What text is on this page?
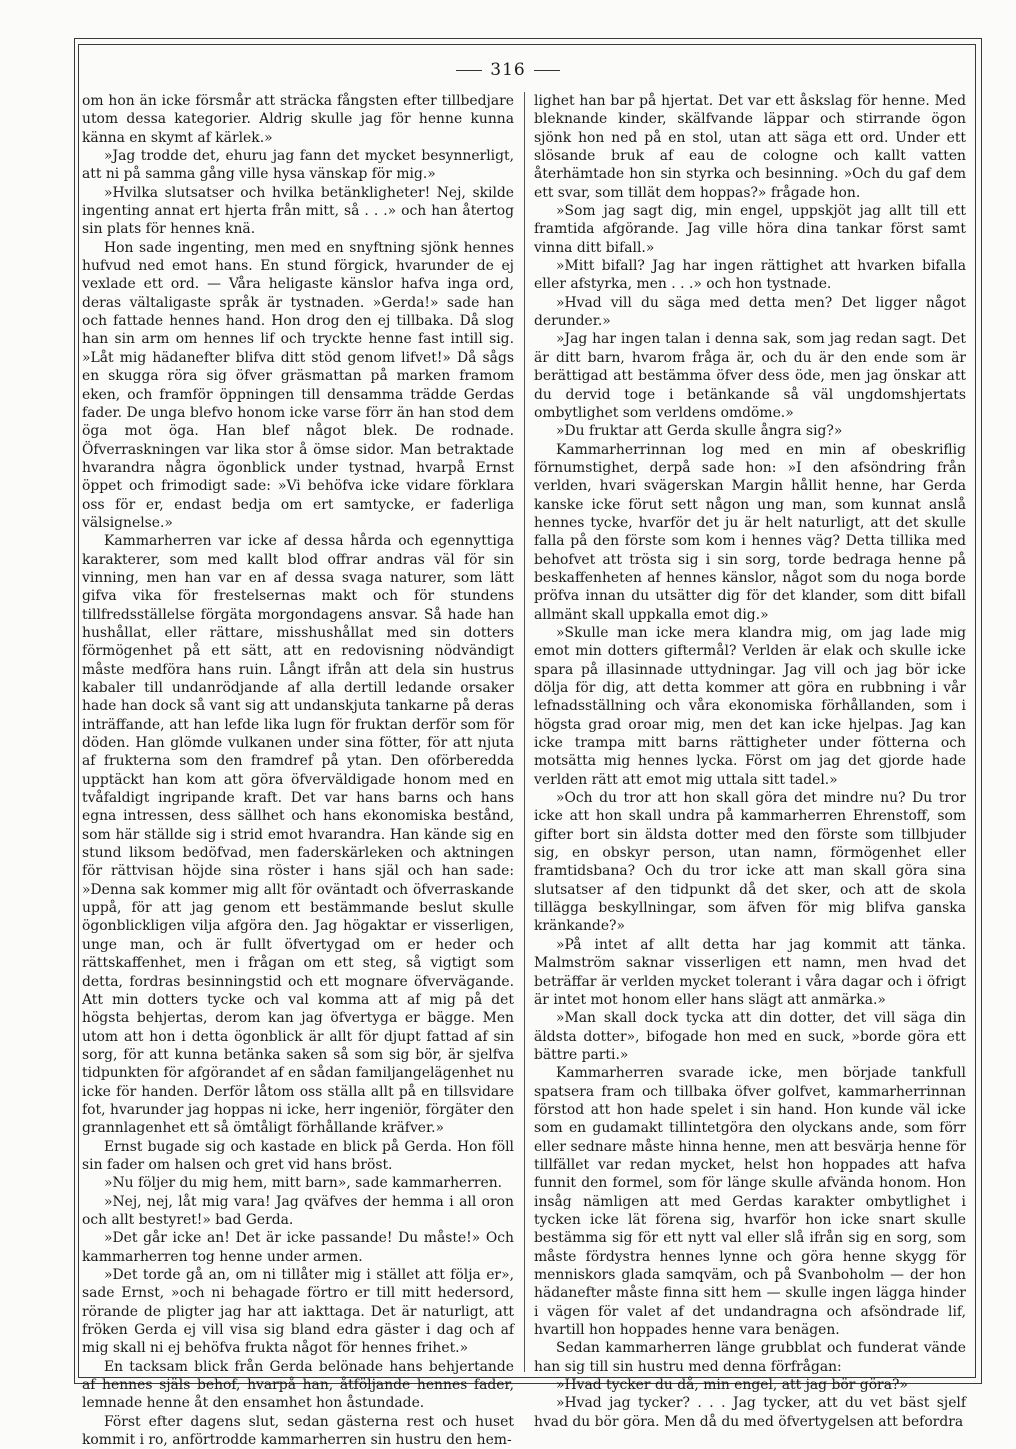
316

om hon än icke försmår att sträcka fångsten efter tillbedjare utom dessa kategorier. Aldrig skulle jag för henne kunna känna en skymt af kärlek.»

»Jag trodde det, ehuru jag fann det mycket besynnerligt, att ni på samma gång ville hysa vänskap för mig.»

»Hvilka slutsatser och hvilka betänkligheter! Nej, skilde ingenting annat ert hjerta från mitt, så . . .» och han återtog sin plats för hennes knä.

Hon sade ingenting, men med en snyftning sjönk hennes hufvud ned emot hans. En stund förgick, hvarunder de ej vexlade ett ord. — Våra heligaste känslor hafva inga ord, deras vältaligaste språk är tystnaden. »Gerda!» sade han och fattade hennes hand. Hon drog den ej tillbaka. Då slog han sin arm om hennes lif och tryckte henne fast intill sig. »Låt mig hädanefter blifva ditt stöd genom lifvet!» Då sågs en skugga röra sig öfver gräsmattan på marken framom eken, och framför öppningen till densamma trädde Gerdas fader. De unga blefvo honom icke varse förr än han stod dem öga mot öga. Han blef något blek. De rodnade. Öfverraskningen var lika stor å ömse sidor. Man betraktade hvarandra några ögonblick under tystnad, hvarpå Ernst öppet och frimodigt sade: »Vi behöfva icke vidare förklara oss för er, endast bedja om ert samtycke, er faderliga välsignelse.»

Kammarherren var icke af dessa hårda och egennyttiga karakterer, som med kallt blod offrar andras väl för sin vinning, men han var en af dessa svaga naturer, som lätt gifva vika för frestelsernas makt och för stundens tillfredsställelse förgäta morgondagens ansvar. Så hade han hushållat, eller rättare, misshushållat med sin dotters förmögenhet på ett sätt, att en redovisning nödvändigt måste medföra hans ruin. Långt ifrån att dela sin hustrus kabaler till undanrödjande af alla dertill ledande orsaker hade han dock så vant sig att undanskjuta tankarne på deras inträffande, att han lefde lika lugn för fruktan derför som för döden. Han glömde vulkanen under sina fötter, för att njuta af frukterna som den framdref på ytan. Den oförberedda upptäckt han kom att göra öfverväldigade honom med en tvåfaldigt ingripande kraft. Det var hans barns och hans egna intressen, dess sällhet och hans ekonomiska bestånd, som här ställde sig i strid emot hvarandra. Han kände sig en stund liksom bedöfvad, men faderskärleken och aktningen för rättvisan höjde sina röster i hans själ och han sade: »Denna sak kommer mig allt för oväntadt och öfverraskande uppå, för att jag genom ett bestämmande beslut skulle ögonblickligen vilja afgöra den. Jag högaktar er visserligen, unge man, och är fullt öfvertygad om er heder och rättskaffenhet, men i frågan om ett steg, så vigtigt som detta, fordras besinningstid och ett mognare öfvervägande. Att min dotters tycke och val komma att af mig på det högsta behjertas, derom kan jag öfvertyga er bägge. Men utom att hon i detta ögonblick är allt för djupt fattad af sin sorg, för att kunna betänka saken så som sig bör, är sjelfva tidpunkten för afgörandet af en sådan familjangelägenhet nu icke för handen. Derför låtom oss ställa allt på en tillsvidare fot, hvarunder jag hoppas ni icke, herr ingeniör, förgäter den grannlagenhet ett så ömtåligt förhållande kräfver.»

Ernst bugade sig och kastade en blick på Gerda. Hon föll sin fader om halsen och gret vid hans bröst.

»Nu följer du mig hem, mitt barn», sade kammarherren.

»Nej, nej, låt mig vara! Jag qväfves der hemma i all oron och allt bestyret!» bad Gerda.

»Det går icke an! Det är icke passande! Du måste!» Och kammarherren tog henne under armen.

»Det torde gå an, om ni tillåter mig i stället att följa er», sade Ernst, »och ni behagade förtro er till mitt hedersord, rörande de pligter jag har att iakttaga. Det är naturligt, att fröken Gerda ej vill visa sig bland edra gäster i dag och af mig skall ni ej behöfva frukta något för hennes frihet.»

En tacksam blick från Gerda belönade hans behjertande af hennes själs behof, hvarpå han, åtföljande hennes fader, lemnade henne åt den ensamhet hon åstundade.

Först efter dagens slut, sedan gästerna rest och huset kommit i ro, anförtrodde kammarherren sin hustru den hem-

lighet han bar på hjertat. Det var ett åskslag för henne. Med bleknande kinder, skälfvande läppar och stirrande ögon sjönk hon ned på en stol, utan att säga ett ord. Under ett slösande bruk af eau de cologne och kallt vatten återhämtade hon sin styrka och besinning. »Och du gaf dem ett svar, som tillät dem hoppas?» frågade hon.

»Som jag sagt dig, min engel, uppskjöt jag allt till ett framtida afgörande. Jag ville höra dina tankar först samt vinna ditt bifall.»

»Mitt bifall? Jag har ingen rättighet att hvarken bifalla eller afstyrka, men . . .» och hon tystnade.

»Hvad vill du säga med detta men? Det ligger något derunder.»

»Jag har ingen talan i denna sak, som jag redan sagt. Det är ditt barn, hvarom fråga är, och du är den ende som är berättigad att bestämma öfver dess öde, men jag önskar att du dervid toge i betänkande så väl ungdomshjertats ombytlighet som verldens omdöme.»

»Du fruktar att Gerda skulle ångra sig?»

Kammarherrinnan log med en min af obeskriflig förnumstighet, derpå sade hon: »I den afsöndring från verlden, hvari svägerskan Margin hållit henne, har Gerda kanske icke förut sett någon ung man, som kunnat anslå hennes tycke, hvarför det ju är helt naturligt, att det skulle falla på den förste som kom i hennes väg? Detta tillika med behofvet att trösta sig i sin sorg, torde bedraga henne på beskaffenheten af hennes känslor, något som du noga borde pröfva innan du utsätter dig för det klander, som ditt bifall allmänt skall uppkalla emot dig.»

»Skulle man icke mera klandra mig, om jag lade mig emot min dotters giftermål? Verlden är elak och skulle icke spara på illasinnade uttydningar. Jag vill och jag bör icke dölja för dig, att detta kommer att göra en rubbning i vår lefnadsställning och våra ekonomiska förhållanden, som i högsta grad oroar mig, men det kan icke hjelpas. Jag kan icke trampa mitt barns rättigheter under fötterna och motsätta mig hennes lycka. Först om jag det gjorde hade verlden rätt att emot mig uttala sitt tadel.»

»Och du tror att hon skall göra det mindre nu? Du tror icke att hon skall undra på kammarherren Ehrenstoff, som gifter bort sin äldsta dotter med den förste som tillbjuder sig, en obskyr person, utan namn, förmögenhet eller framtidsbana? Och du tror icke att man skall göra sina slutsatser af den tidpunkt då det sker, och att de skola tillägga beskyllningar, som äfven för mig blifva ganska kränkande?»

»På intet af allt detta har jag kommit att tänka. Malmström saknar visserligen ett namn, men hvad det beträffar är verlden mycket tolerant i våra dagar och i öfrigt är intet mot honom eller hans slägt att anmärka.»

»Man skall dock tycka att din dotter, det vill säga din äldsta dotter», bifogade hon med en suck, »borde göra ett bättre parti.»

Kammarherren svarade icke, men började tankfull spatsera fram och tillbaka öfver golfvet, kammarherrinnan förstod att hon hade spelet i sin hand. Hon kunde väl icke som en gudamakt tillintetgöra den olyckans ande, som förr eller sednare måste hinna henne, men att besvärja henne för tillfället var redan mycket, helst hon hoppades att hafva funnit den formel, som för länge skulle afvända honom. Hon insåg nämligen att med Gerdas karakter ombytlighet i tycken icke lät förena sig, hvarför hon icke snart skulle bestämma sig för ett nytt val eller slå ifrån sig en sorg, som måste fördystra hennes lynne och göra henne skygg för menniskors glada samqväm, och på Svanboholm — der hon hädanefter måste finna sitt hem — skulle ingen lägga hinder i vägen för valet af det undandragna och afsöndrade lif, hvartill hon hoppades henne vara benägen.

Sedan kammarherren länge grubblat och funderat vände han sig till sin hustru med denna förfrågan:

»Hvad tycker du då, min engel, att jag bör göra?»

»Hvad jag tycker? . . . Jag tycker, att du vet bäst sjelf hvad du bör göra. Men då du med öfvertygelsen att befordra
